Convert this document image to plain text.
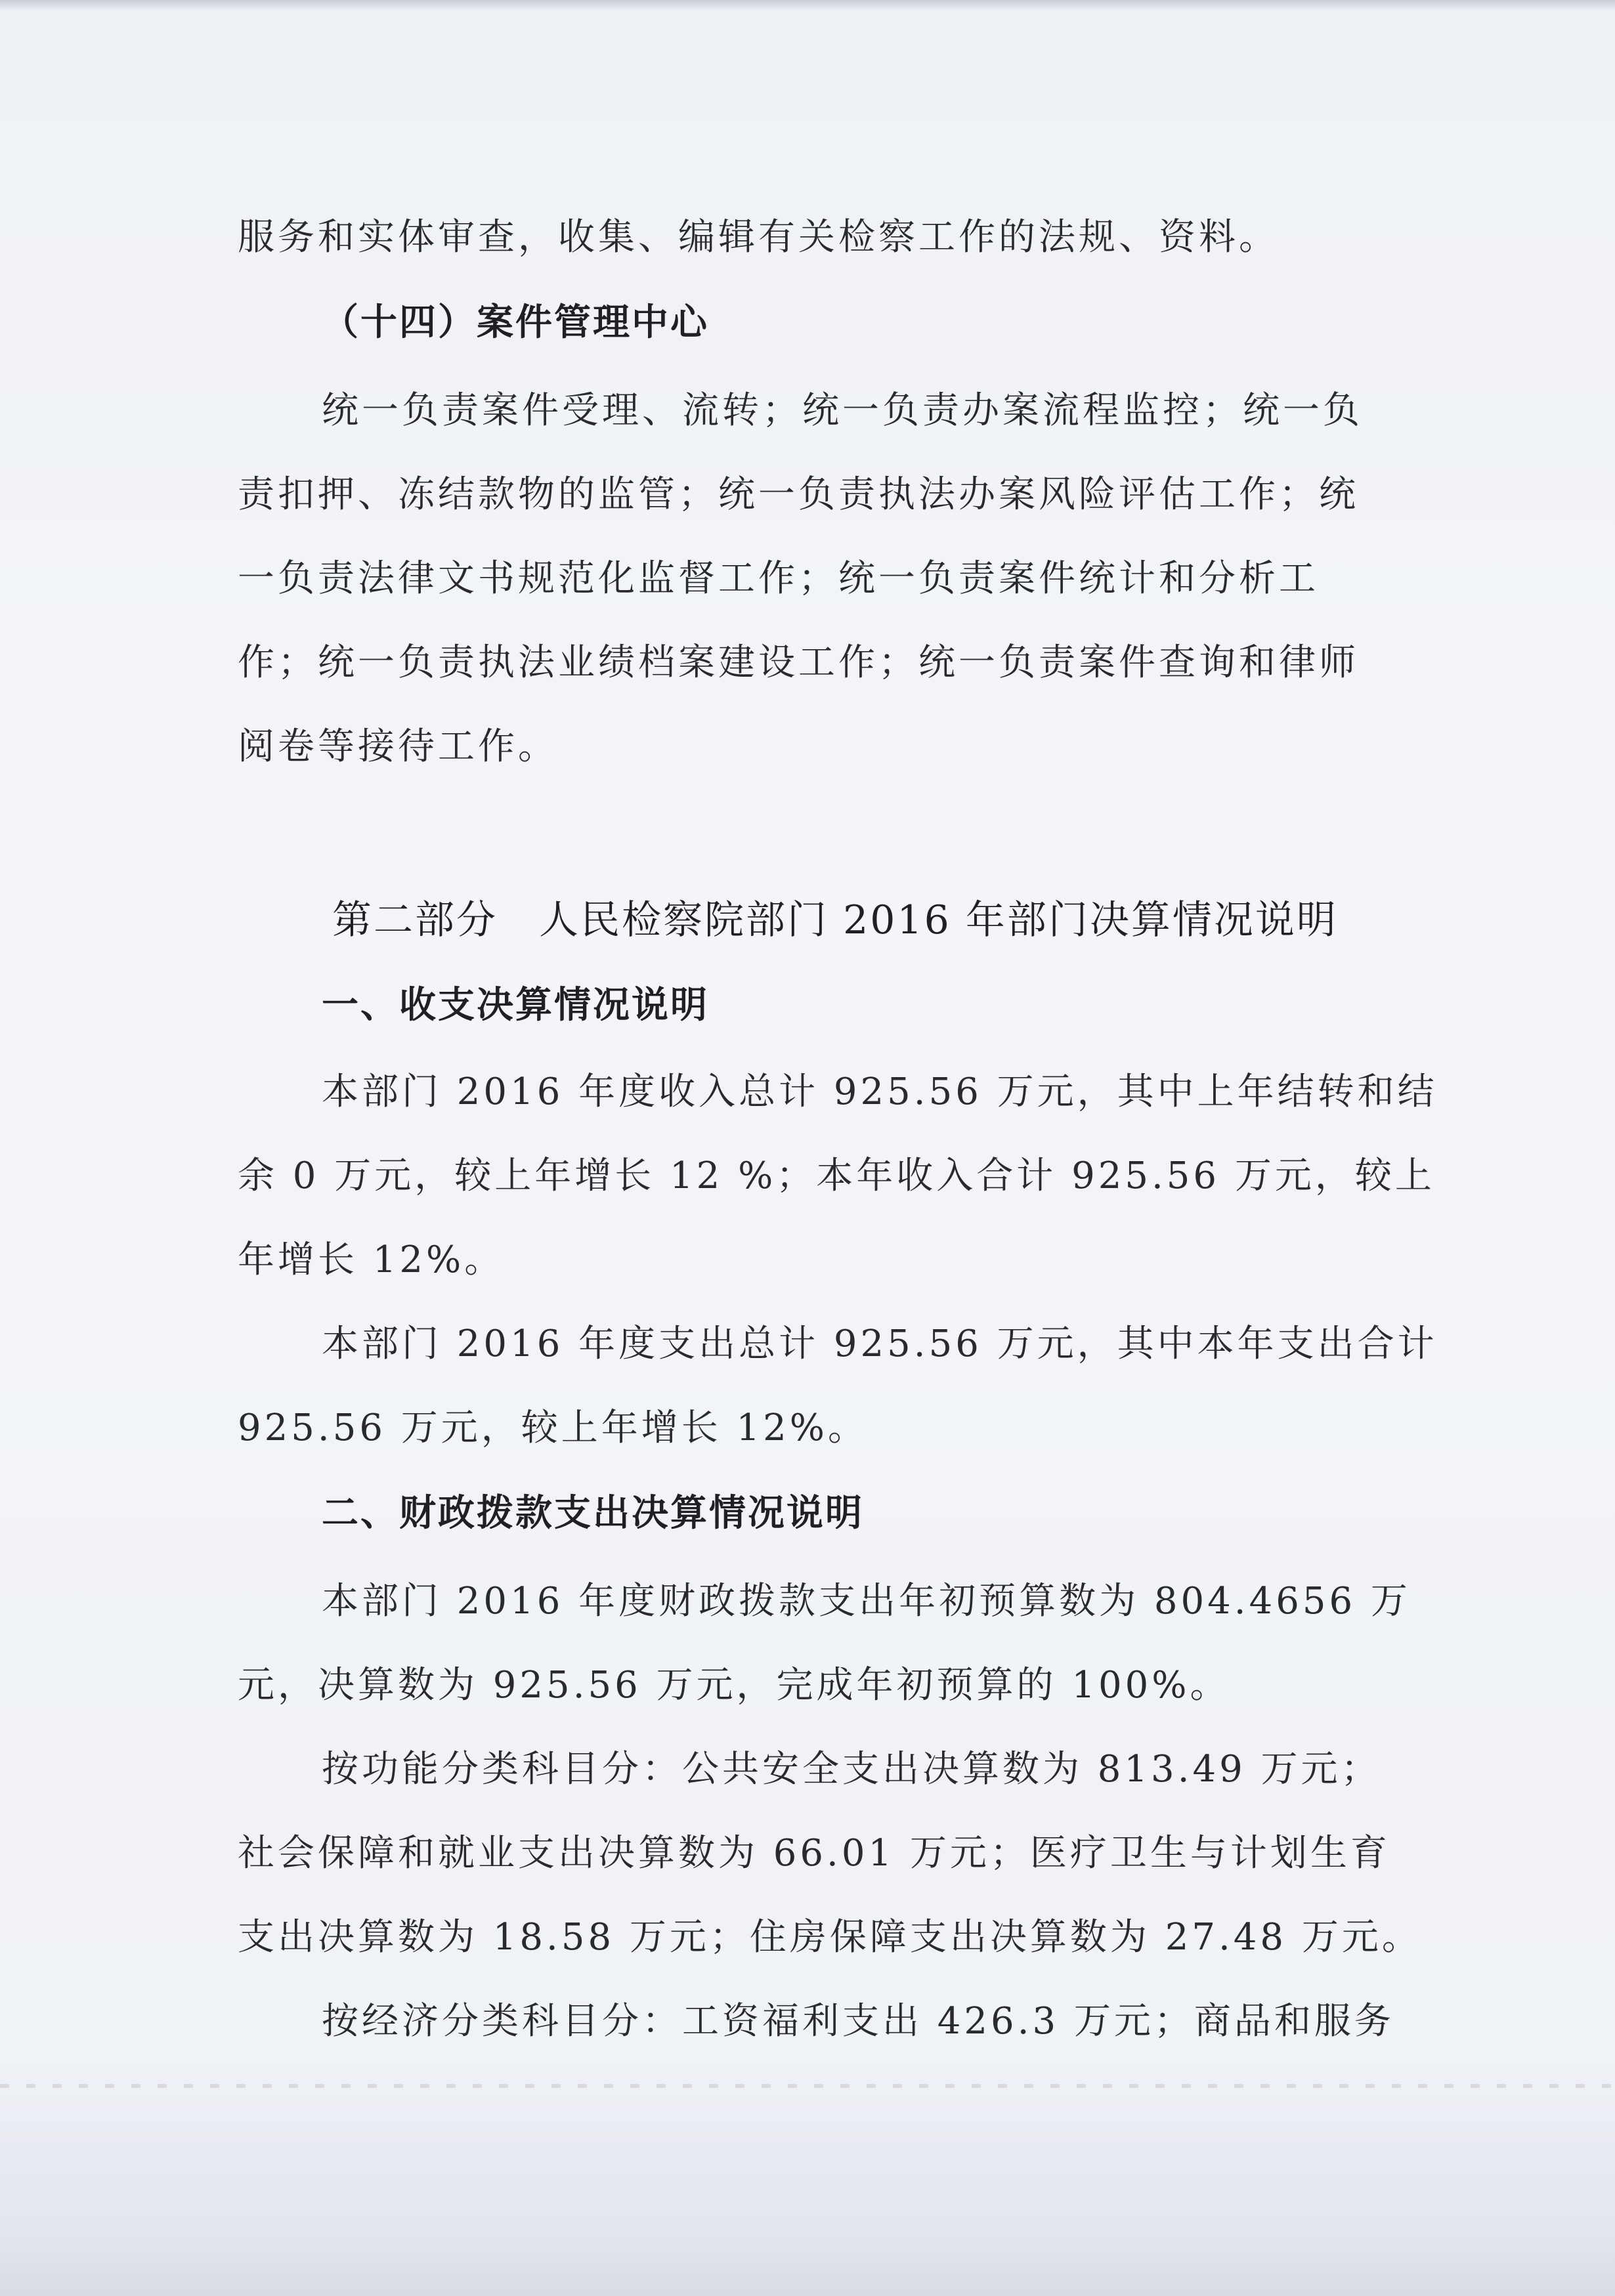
服务和实体审查，收集、编辑有关检察工作的法规、资料。
（十四）案件管理中心
统一负责案件受理、流转；统一负责办案流程监控；统一负
责扣押、冻结款物的监管；统一负责执法办案风险评估工作；统
一负责法律文书规范化监督工作；统一负责案件统计和分析工
作；统一负责执法业绩档案建设工作；统一负责案件查询和律师
阅卷等接待工作。
第二部分　人民检察院部门 2016 年部门决算情况说明
一、收支决算情况说明
本部门 2016 年度收入总计 925.56 万元，其中上年结转和结
余 0 万元，较上年增长 12 %；本年收入合计 925.56 万元，较上
年增长 12%。
本部门 2016 年度支出总计 925.56 万元，其中本年支出合计
925.56 万元，较上年增长 12%。
二、财政拨款支出决算情况说明
本部门 2016 年度财政拨款支出年初预算数为 804.4656 万
元，决算数为 925.56 万元，完成年初预算的 100%。
按功能分类科目分：公共安全支出决算数为 813.49 万元；
社会保障和就业支出决算数为 66.01 万元；医疗卫生与计划生育
支出决算数为 18.58 万元；住房保障支出决算数为 27.48 万元。
按经济分类科目分：工资福利支出 426.3 万元；商品和服务
